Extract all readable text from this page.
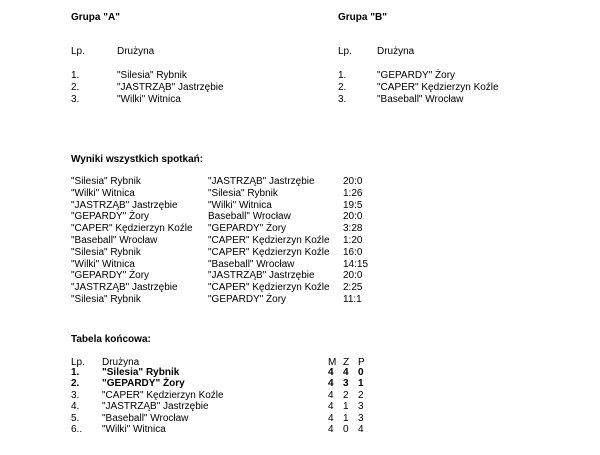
Grupa "A"
Lp.	Drużyna
1.	"Silesia" Rybnik
2.	"JASTRZĄB" Jastrzębie
3.	"Wilki" Witnica
Grupa "B"
Lp.	Drużyna
1.	"GEPARDY" Żory
2.	"CAPER" Kędzierzyn Koźle
3.	"Baseball" Wrocław
Wyniki wszystkich spotkań:
"Silesia" Rybnik	"JASTRZĄB" Jastrzębie	20:0
"Wilki" Witnica	"Silesia" Rybnik	1:26
"JASTRZĄB" Jastrzębie	"Wilki" Witnica	19:5
"GEPARDY" Żory	Baseball" Wrocław	20:0
"CAPER" Kędzierzyn Koźle "GEPARDY" Żory	3:28
"Baseball" Wrocław	"CAPER" Kędzierzyn Koźle 1:20
"Silesia" Rybnik	"CAPER" Kędzierzyn Koźle 16:0
"Wilki" Witnica	"Baseball" Wrocław	14:15
"GEPARDY" Żory	"JASTRZĄB" Jastrzębie	20:0
"JASTRZĄB" Jastrzębie	"CAPER" Kędzierzyn Koźle 2:25
"Silesia" Rybnik	"GEPARDY" Żory	11:1
Tabela końcowa:
Lp. Drużyna	M Z P
1. "Silesia" Rybnik	4 4 0
2. "GEPARDY" Żory	4 3 1
3. "CAPER" Kędzierzyn Koźle	4 2 2
4. "JASTRZĄB" Jastrzębie	4 1 3
5. "Baseball" Wrocław	4 1 3
6.. "Wilki" Witnica	4 0 4
